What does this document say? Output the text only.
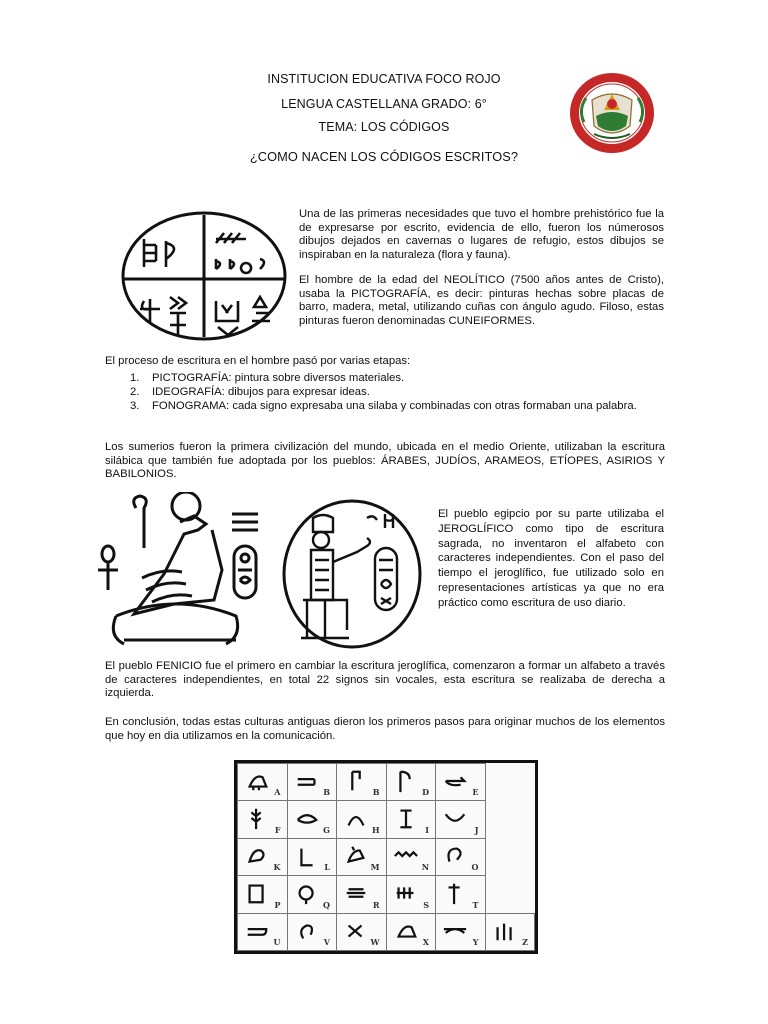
INSTITUCION EDUCATIVA FOCO ROJO
LENGUA CASTELLANA GRADO: 6°
TEMA: LOS CÓDIGOS
¿COMO NACEN LOS CÓDIGOS ESCRITOS?
Una de las primeras necesidades que tuvo el hombre prehistórico fue la de expresarse por escrito, evidencia de ello, fueron los númerosos dibujos dejados en cavernas o lugares de refugio, estos dibujos se inspiraban en la naturaleza (flora y fauna).
El hombre de la edad del NEOLÍTICO (7500 años antes de Cristo), usaba la PICTOGRAFÍA, es decir: pinturas hechas sobre placas de barro, madera, metal, utilizando cuñas con ángulo agudo. Filoso, estas pinturas fueron denominadas CUNEIFORMES.
El proceso de escritura en el hombre pasó por varias etapas:
1. PICTOGRAFÍA: pintura sobre diversos materiales.
2. IDEOGRAFÍA: dibujos para expresar ideas.
3. FONOGRAMA: cada signo expresaba una silaba y combinadas con otras formaban una palabra.
Los sumerios fueron la primera civilización del mundo, ubicada en el medio Oriente, utilizaban la escritura silábica que también fue adoptada por los pueblos: ÁRABES, JUDÍOS, ARAMEOS, ETÍOPES, ASIRIOS Y BABILONIOS.
El pueblo egipcio por su parte utilizaba el JEROGLÍFICO como tipo de escritura sagrada, no inventaron el alfabeto con caracteres independientes. Con el paso del tiempo el jeroglífico, fue utilizado solo en representaciones artísticas ya que no era práctico como escritura de uso diario.
El pueblo FENICIO fue el primero en cambiar la escritura jeroglífica, comenzaron a formar un alfabeto a través de caracteres independientes, en total 22 signos sin vocales, esta escritura se realizaba de derecha a izquierda.
En conclusión, todas estas culturas antiguas dieron los primeros pasos para originar muchos de los elementos que hoy en dia utilizamos en la comunicación.
A	B	B	D	E	

F	G	H	I	J	

K	L	M	N	O	

P	Q	R	S	T	

U	V	W	X	Y	Z
